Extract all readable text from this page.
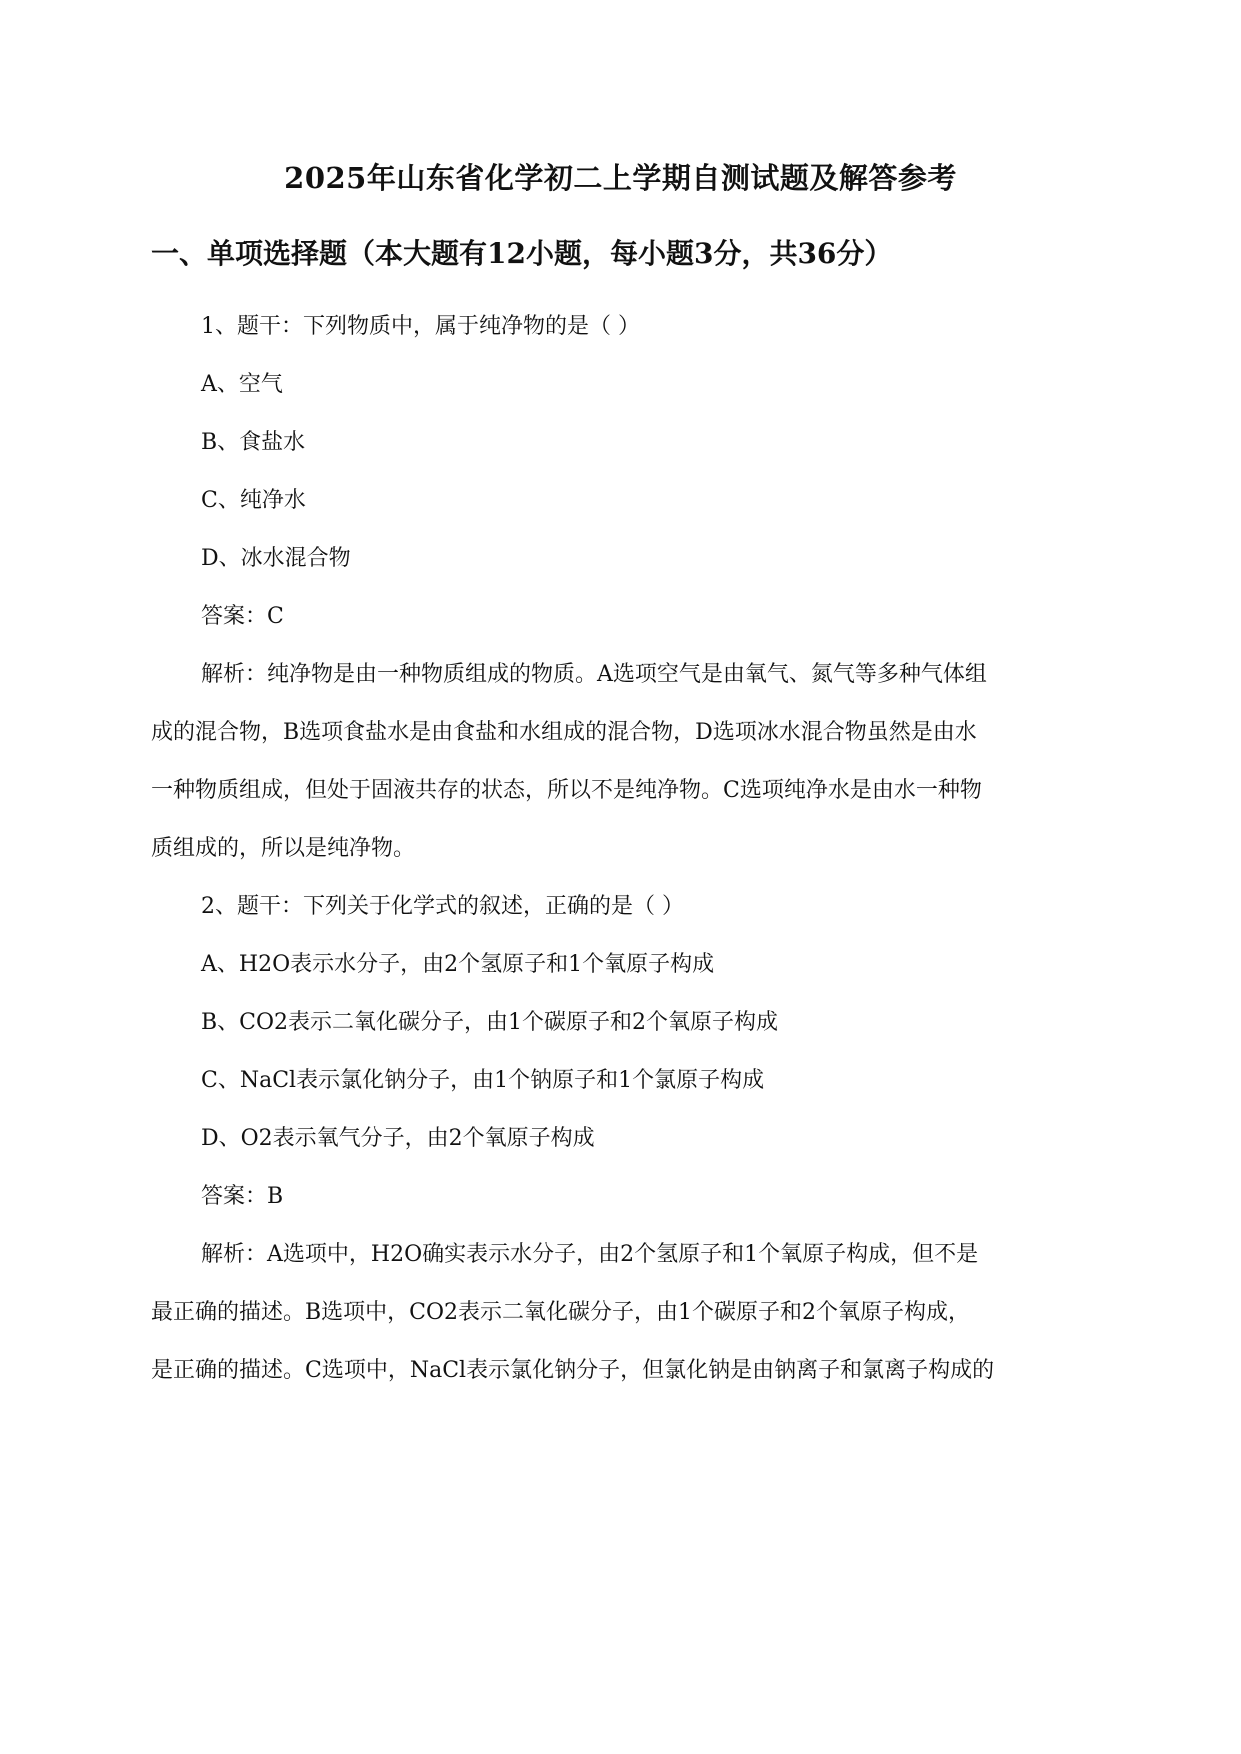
2025年山东省化学初二上学期自测试题及解答参考
一、单项选择题（本大题有12小题，每小题3分，共36分）
1、题干：下列物质中，属于纯净物的是（ ）
A、空气
B、食盐水
C、纯净水
D、冰水混合物
答案：C
解析：纯净物是由一种物质组成的物质。A选项空气是由氧气、氮气等多种气体组
成的混合物，B选项食盐水是由食盐和水组成的混合物，D选项冰水混合物虽然是由水
一种物质组成，但处于固液共存的状态，所以不是纯净物。C选项纯净水是由水一种物
质组成的，所以是纯净物。
2、题干：下列关于化学式的叙述，正确的是（ ）
A、H2O表示水分子，由2个氢原子和1个氧原子构成
B、CO2表示二氧化碳分子，由1个碳原子和2个氧原子构成
C、NaCl表示氯化钠分子，由1个钠原子和1个氯原子构成
D、O2表示氧气分子，由2个氧原子构成
答案：B
解析：A选项中，H2O确实表示水分子，由2个氢原子和1个氧原子构成，但不是
最正确的描述。B选项中，CO2表示二氧化碳分子，由1个碳原子和2个氧原子构成，
是正确的描述。C选项中，NaCl表示氯化钠分子，但氯化钠是由钠离子和氯离子构成的
